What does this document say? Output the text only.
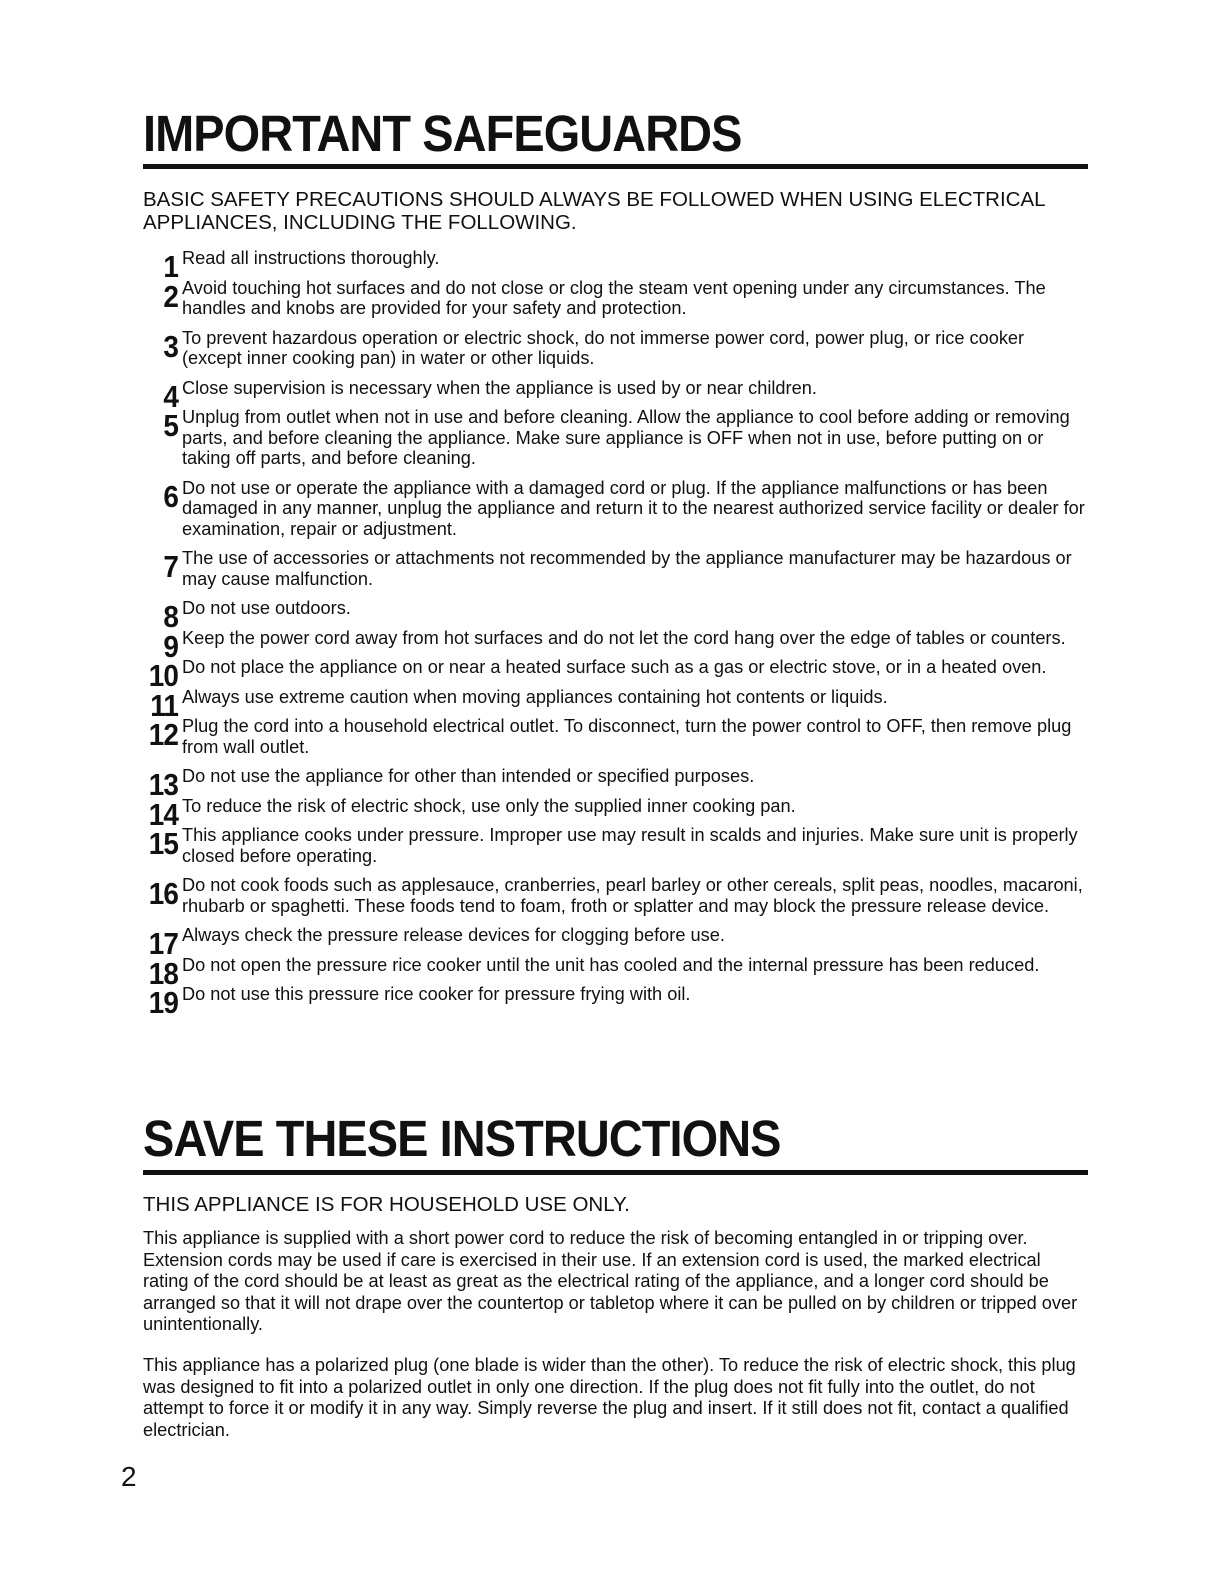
IMPORTANT SAFEGUARDS
BASIC SAFETY PRECAUTIONS SHOULD ALWAYS BE FOLLOWED WHEN USING ELECTRICAL APPLIANCES, INCLUDING THE FOLLOWING.
1 Read all instructions thoroughly.
2 Avoid touching hot surfaces and do not close or clog the steam vent opening under any circumstances. The handles and knobs are provided for your safety and protection.
3 To prevent hazardous operation or electric shock, do not immerse power cord, power plug, or rice cooker (except inner cooking pan) in water or other liquids.
4 Close supervision is necessary when the appliance is used by or near children.
5 Unplug from outlet when not in use and before cleaning. Allow the appliance to cool before adding or removing parts, and before cleaning the appliance. Make sure appliance is OFF when not in use, before putting on or taking off parts, and before cleaning.
6 Do not use or operate the appliance with a damaged cord or plug. If the appliance malfunctions or has been damaged in any manner, unplug the appliance and return it to the nearest authorized service facility or dealer for examination, repair or adjustment.
7 The use of accessories or attachments not recommended by the appliance manufacturer may be hazardous or may cause malfunction.
8 Do not use outdoors.
9 Keep the power cord away from hot surfaces and do not let the cord hang over the edge of tables or counters.
10 Do not place the appliance on or near a heated surface such as a gas or electric stove, or in a heated oven.
11 Always use extreme caution when moving appliances containing hot contents or liquids.
12 Plug the cord into a household electrical outlet. To disconnect, turn the power control to OFF, then remove plug from wall outlet.
13 Do not use the appliance for other than intended or specified purposes.
14 To reduce the risk of electric shock, use only the supplied inner cooking pan.
15 This appliance cooks under pressure. Improper use may result in scalds and injuries. Make sure unit is properly closed before operating.
16 Do not cook foods such as applesauce, cranberries, pearl barley or other cereals, split peas, noodles, macaroni, rhubarb or spaghetti. These foods tend to foam, froth or splatter and may block the pressure release device.
17 Always check the pressure release devices for clogging before use.
18 Do not open the pressure rice cooker until the unit has cooled and the internal pressure has been reduced.
19 Do not use this pressure rice cooker for pressure frying with oil.
SAVE THESE INSTRUCTIONS
THIS APPLIANCE IS FOR HOUSEHOLD USE ONLY.

This appliance is supplied with a short power cord to reduce the risk of becoming entangled in or tripping over. Extension cords may be used if care is exercised in their use. If an extension cord is used, the marked electrical rating of the cord should be at least as great as the electrical rating of the appliance, and a longer cord should be arranged so that it will not drape over the countertop or tabletop where it can be pulled on by children or tripped over unintentionally.

This appliance has a polarized plug (one blade is wider than the other). To reduce the risk of electric shock, this plug was designed to fit into a polarized outlet in only one direction. If the plug does not fit fully into the outlet, do not attempt to force it or modify it in any way. Simply reverse the plug and insert. If it still does not fit, contact a qualified electrician.

2
